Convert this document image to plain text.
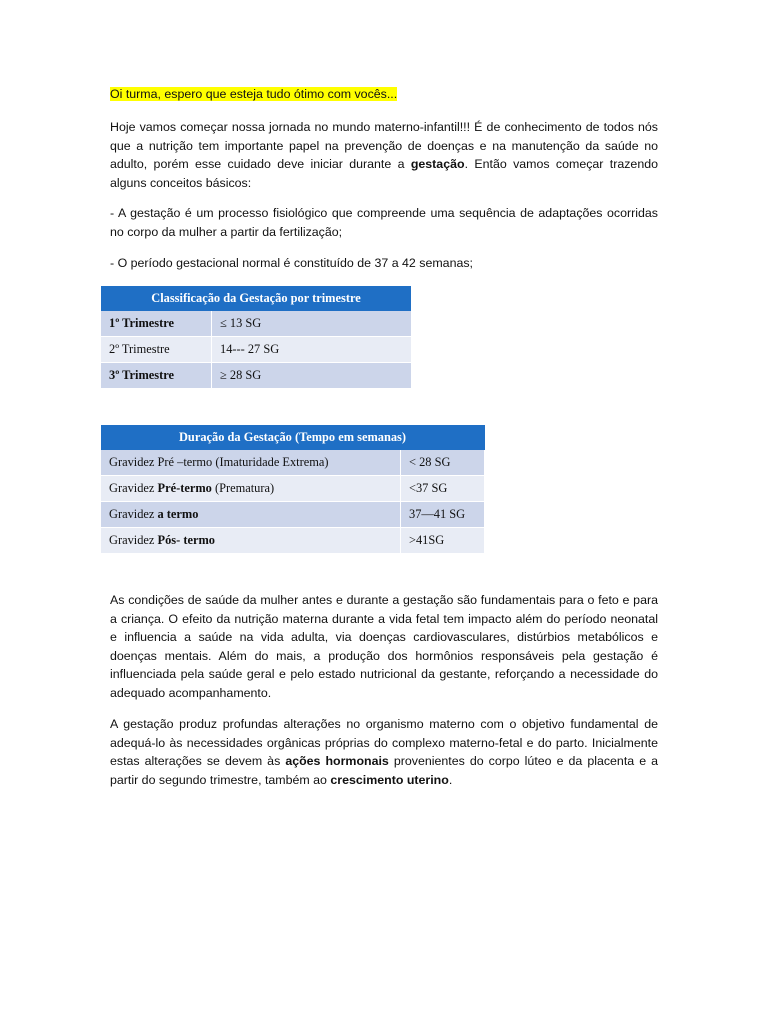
Oi turma, espero que esteja tudo ótimo com vocês...

Hoje vamos começar nossa jornada no mundo materno-infantil!!! É de conhecimento de todos nós que a nutrição tem importante papel na prevenção de doenças e na manutenção da saúde no adulto, porém esse cuidado deve iniciar durante a gestação. Então vamos começar trazendo alguns conceitos básicos:

- A gestação é um processo fisiológico que compreende uma sequência de adaptações ocorridas no corpo da mulher a partir da fertilização;

- O período gestacional normal é constituído de 37 a 42 semanas;

Classificação da Gestação por trimestre	
1º Trimestre	≤ 13 SG
2º Trimestre	14--- 27 SG
3º Trimestre	≥ 28 SG
Duração da Gestação (Tempo em semanas)	

Gravidez Pré –termo (Imaturidade Extrema)	< 28 SG
Gravidez Pré-termo (Prematura)	<37 SG
Gravidez a termo	37—41 SG
Gravidez Pós- termo	>41SG

As condições de saúde da mulher antes e durante a gestação são fundamentais para o feto e para a criança. O efeito da nutrição materna durante a vida fetal tem impacto além do período neonatal e influencia a saúde na vida adulta, via doenças cardiovasculares, distúrbios metabólicos e doenças mentais. Além do mais, a produção dos hormônios responsáveis pela gestação é influenciada pela saúde geral e pelo estado nutricional da gestante, reforçando a necessidade do adequado acompanhamento.

A gestação produz profundas alterações no organismo materno com o objetivo fundamental de adequá-lo às necessidades orgânicas próprias do complexo materno-fetal e do parto. Inicialmente estas alterações se devem às ações hormonais provenientes do corpo lúteo e da placenta e a partir do segundo trimestre, também ao crescimento uterino.
